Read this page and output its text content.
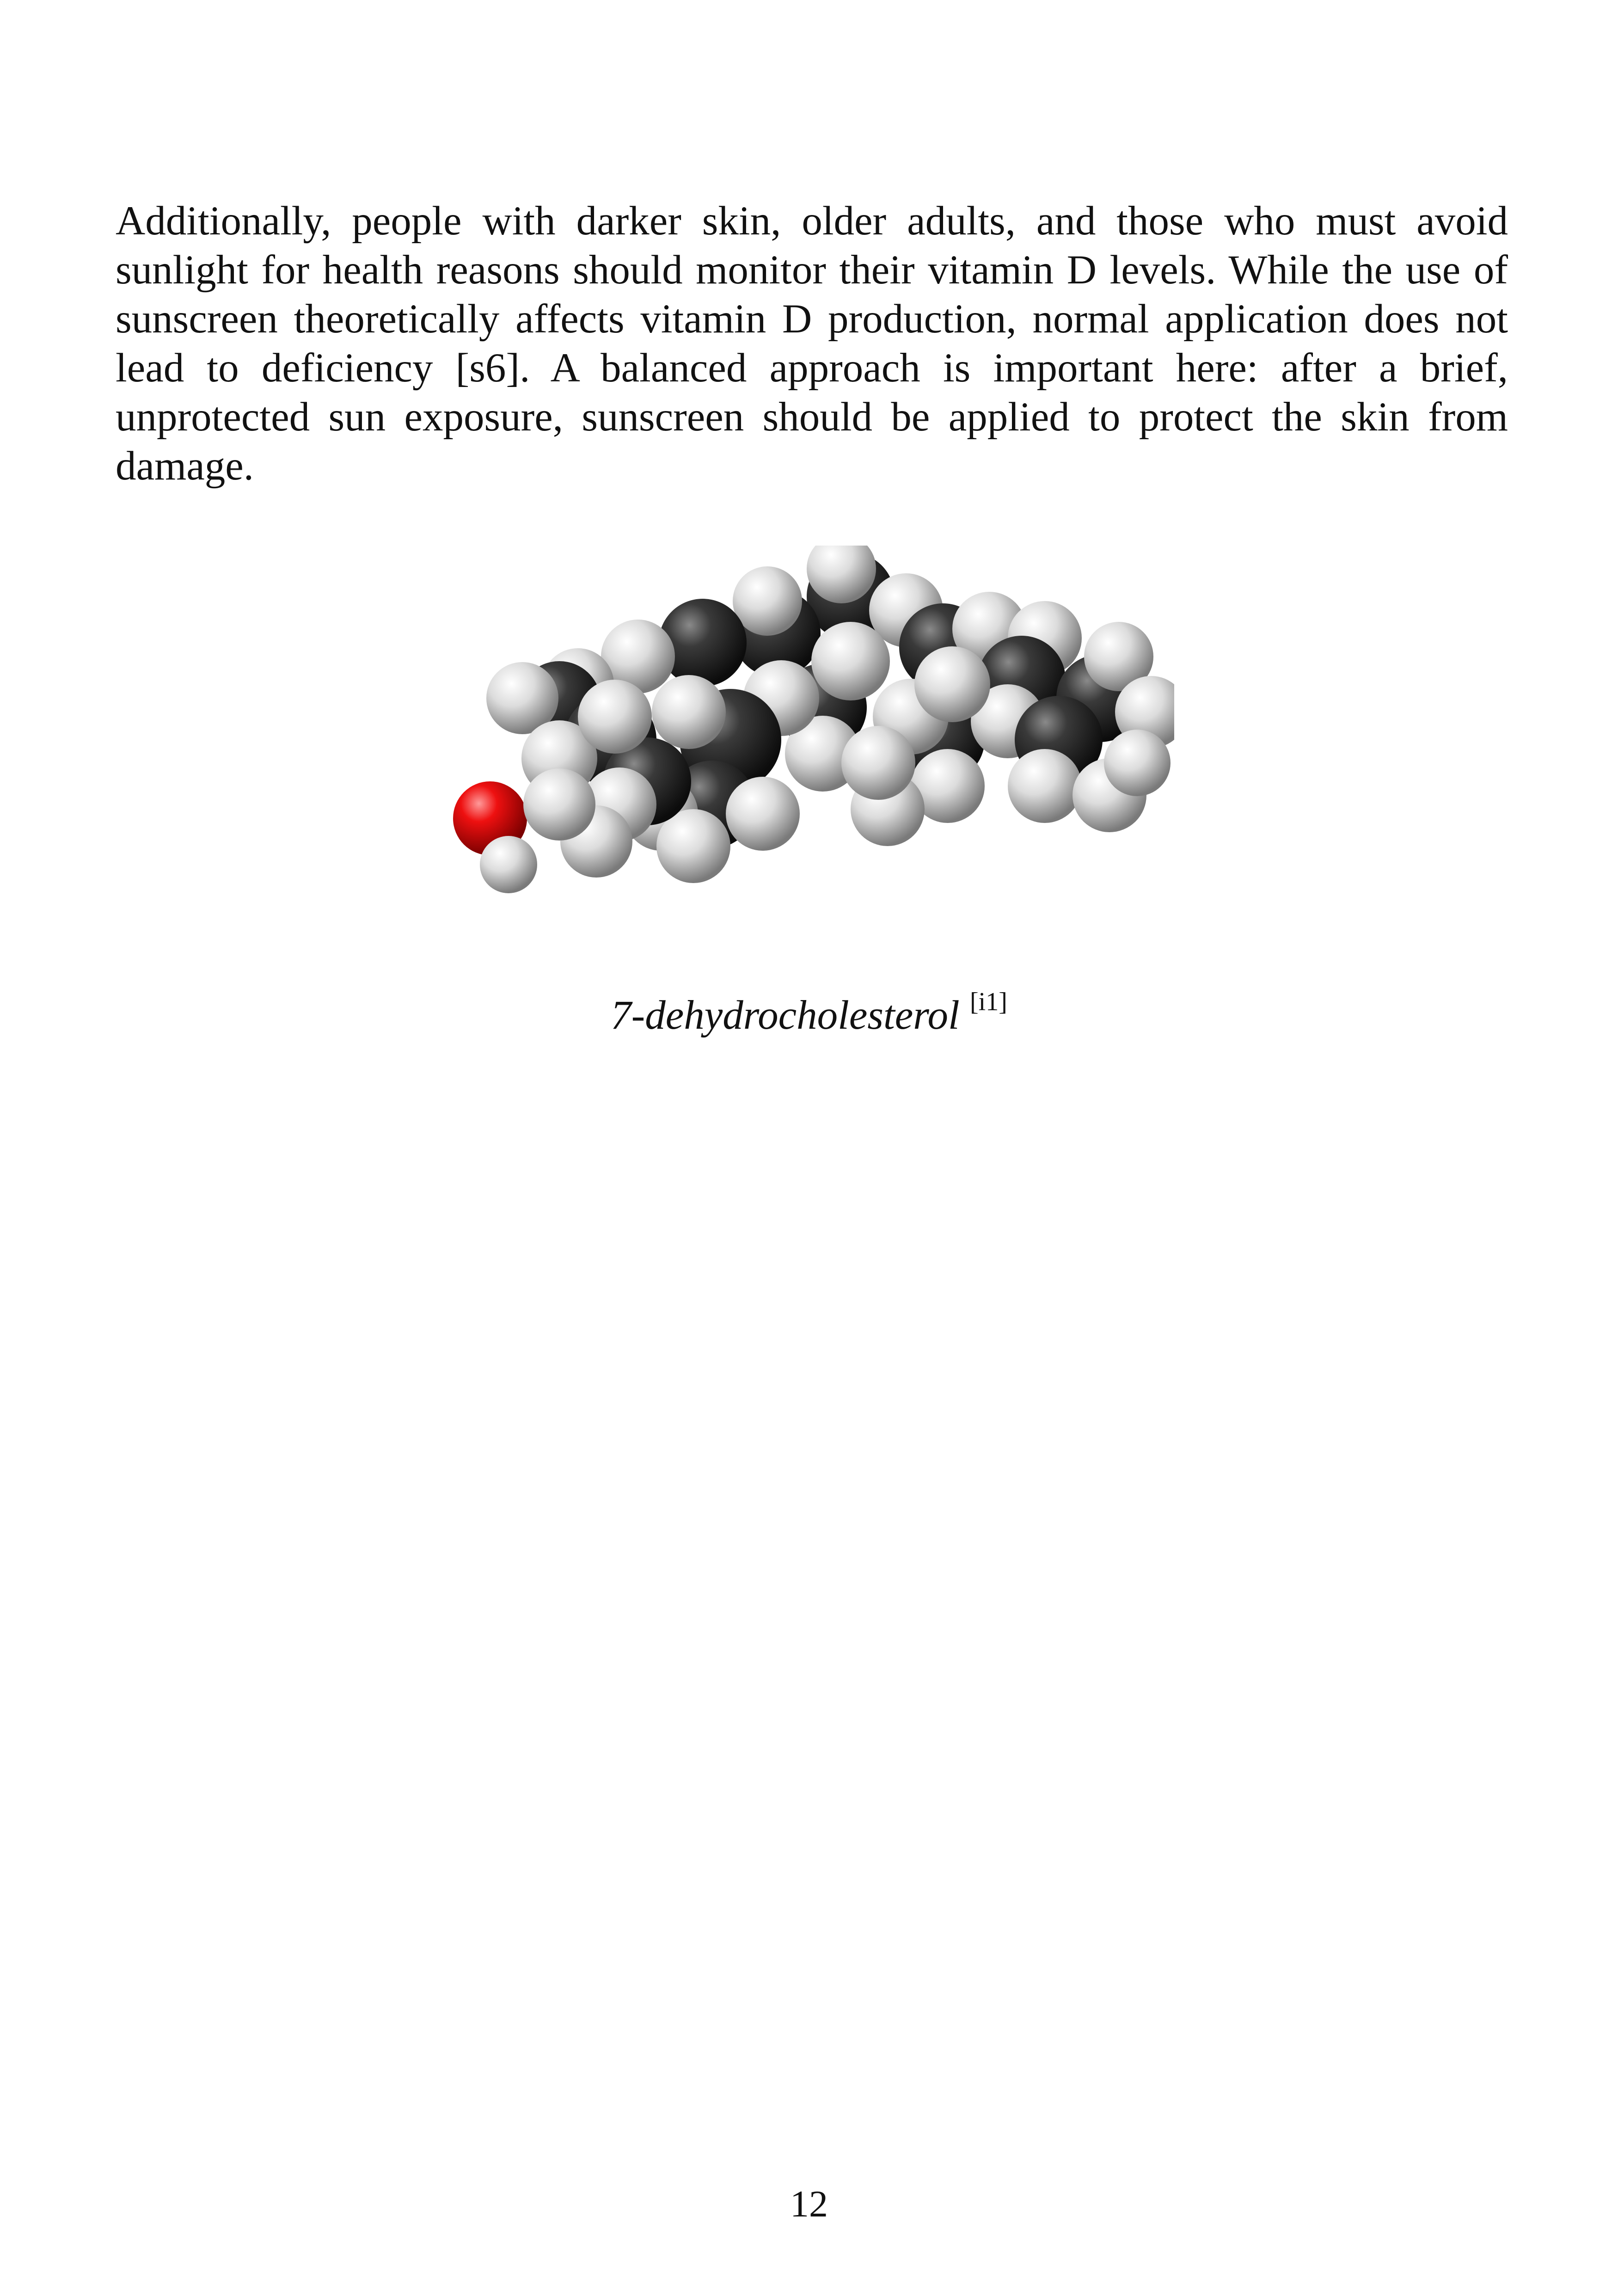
Additionally, people with darker skin, older adults, and those who must avoid sunlight for health reasons should monitor their vitamin D levels. While the use of sunscreen theoretically affects vitamin D production, normal application does not lead to deficiency [s6]. A balanced approach is important here: after a brief, unprotected sun exposure, sunscreen should be applied to protect the skin from damage.

7-dehydrocholesterol [i1]

12
